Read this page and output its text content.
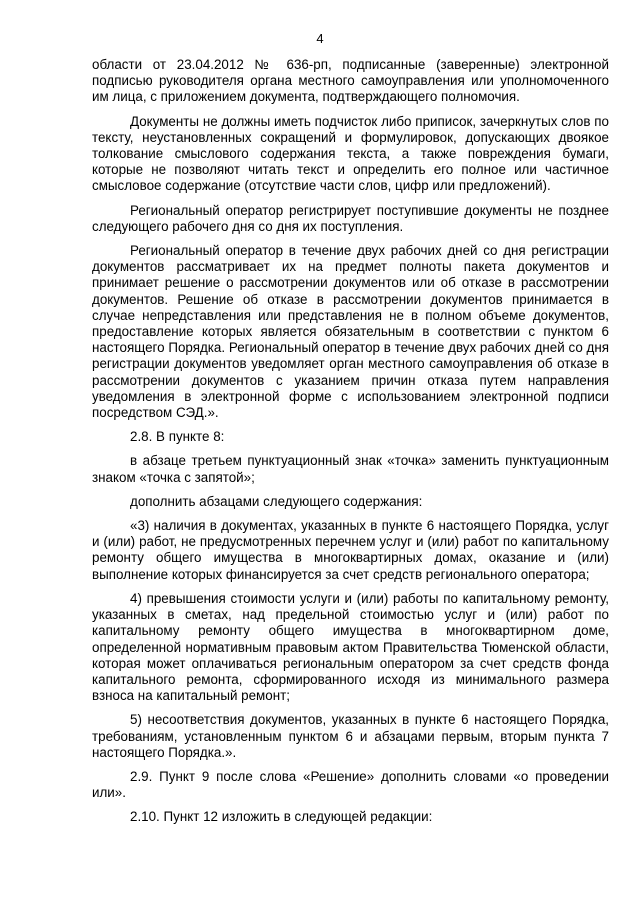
4

области от 23.04.2012 № 636-рп, подписанные (заверенные) электронной подписью руководителя органа местного самоуправления или уполномоченного им лица, с приложением документа, подтверждающего полномочия.

Документы не должны иметь подчисток либо приписок, зачеркнутых слов по тексту, неустановленных сокращений и формулировок, допускающих двоякое толкование смыслового содержания текста, а также повреждения бумаги, которые не позволяют читать текст и определить его полное или частичное смысловое содержание (отсутствие части слов, цифр или предложений).

Региональный оператор регистрирует поступившие документы не позднее следующего рабочего дня со дня их поступления.

Региональный оператор в течение двух рабочих дней со дня регистрации документов рассматривает их на предмет полноты пакета документов и принимает решение о рассмотрении документов или об отказе в рассмотрении документов. Решение об отказе в рассмотрении документов принимается в случае непредставления или представления не в полном объеме документов, предоставление которых является обязательным в соответствии с пунктом 6 настоящего Порядка. Региональный оператор в течение двух рабочих дней со дня регистрации документов уведомляет орган местного самоуправления об отказе в рассмотрении документов с указанием причин отказа путем направления уведомления в электронной форме с использованием электронной подписи посредством СЭД.».

2.8. В пункте 8:

в абзаце третьем пунктуационный знак «точка» заменить пунктуационным знаком «точка с запятой»;

дополнить абзацами следующего содержания:

«3) наличия в документах, указанных в пункте 6 настоящего Порядка, услуг и (или) работ, не предусмотренных перечнем услуг и (или) работ по капитальному ремонту общего имущества в многоквартирных домах, оказание и (или) выполнение которых финансируется за счет средств регионального оператора;

4) превышения стоимости услуги и (или) работы по капитальному ремонту, указанных в сметах, над предельной стоимостью услуг и (или) работ по капитальному ремонту общего имущества в многоквартирном доме, определенной нормативным правовым актом Правительства Тюменской области, которая может оплачиваться региональным оператором за счет средств фонда капитального ремонта, сформированного исходя из минимального размера взноса на капитальный ремонт;

5) несоответствия документов, указанных в пункте 6 настоящего Порядка, требованиям, установленным пунктом 6 и абзацами первым, вторым пункта 7 настоящего Порядка.».

2.9. Пункт 9 после слова «Решение» дополнить словами «о проведении или».

2.10. Пункт 12 изложить в следующей редакции:
